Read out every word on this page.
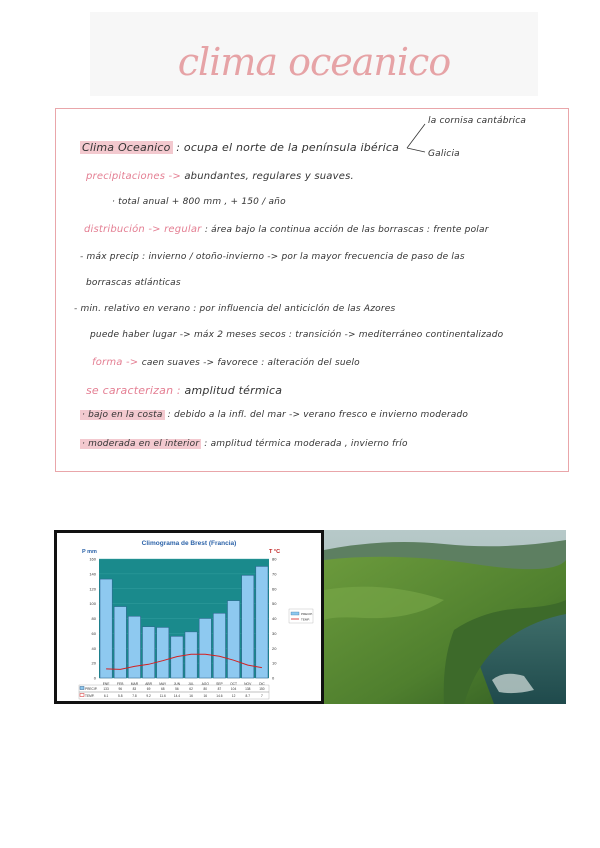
clima oceanico
Clima Oceanico : ocupa el norte de la península ibérica
la cornisa cantábrica
Galicia
precipitaciones -> abundantes, regulares y suaves.
· total anual + 800 mm , + 150 / año
distribución -> regular : área bajo la continua acción de las borrascas : frente polar
- máx precip : invierno / otoño-invierno -> por la mayor frecuencia de paso de las
borrascas atlánticas
- min. relativo en verano : por influencia del anticiclón de las Azores
puede haber lugar -> máx 2 meses secos : transición -> mediterráneo continentalizado
forma -> caen suaves -> favorece : alteración del suelo
se caracterizan : amplitud térmica
· bajo en la costa : debido a la infl. del mar -> verano fresco e invierno moderado
· moderada en el interior : amplitud térmica moderada , invierno frío
Climograma de Brest (Francia)
P mm	T °C
0
20
40
60
80
100
120
140
160
0
10
20
30
40
50
60
70
80
ENE FEB MAR ABR MAY JUN JUL AGO SEP OCT NOV DIC
PRECIP.
TEMP.
PRECIP. 133	96	83	69	68	56	62	80	87	104	138	150
TEMP.	6.1	5.8	7.8	9.2	11.6	14.4	16	16	14.6	12	8.7	7
